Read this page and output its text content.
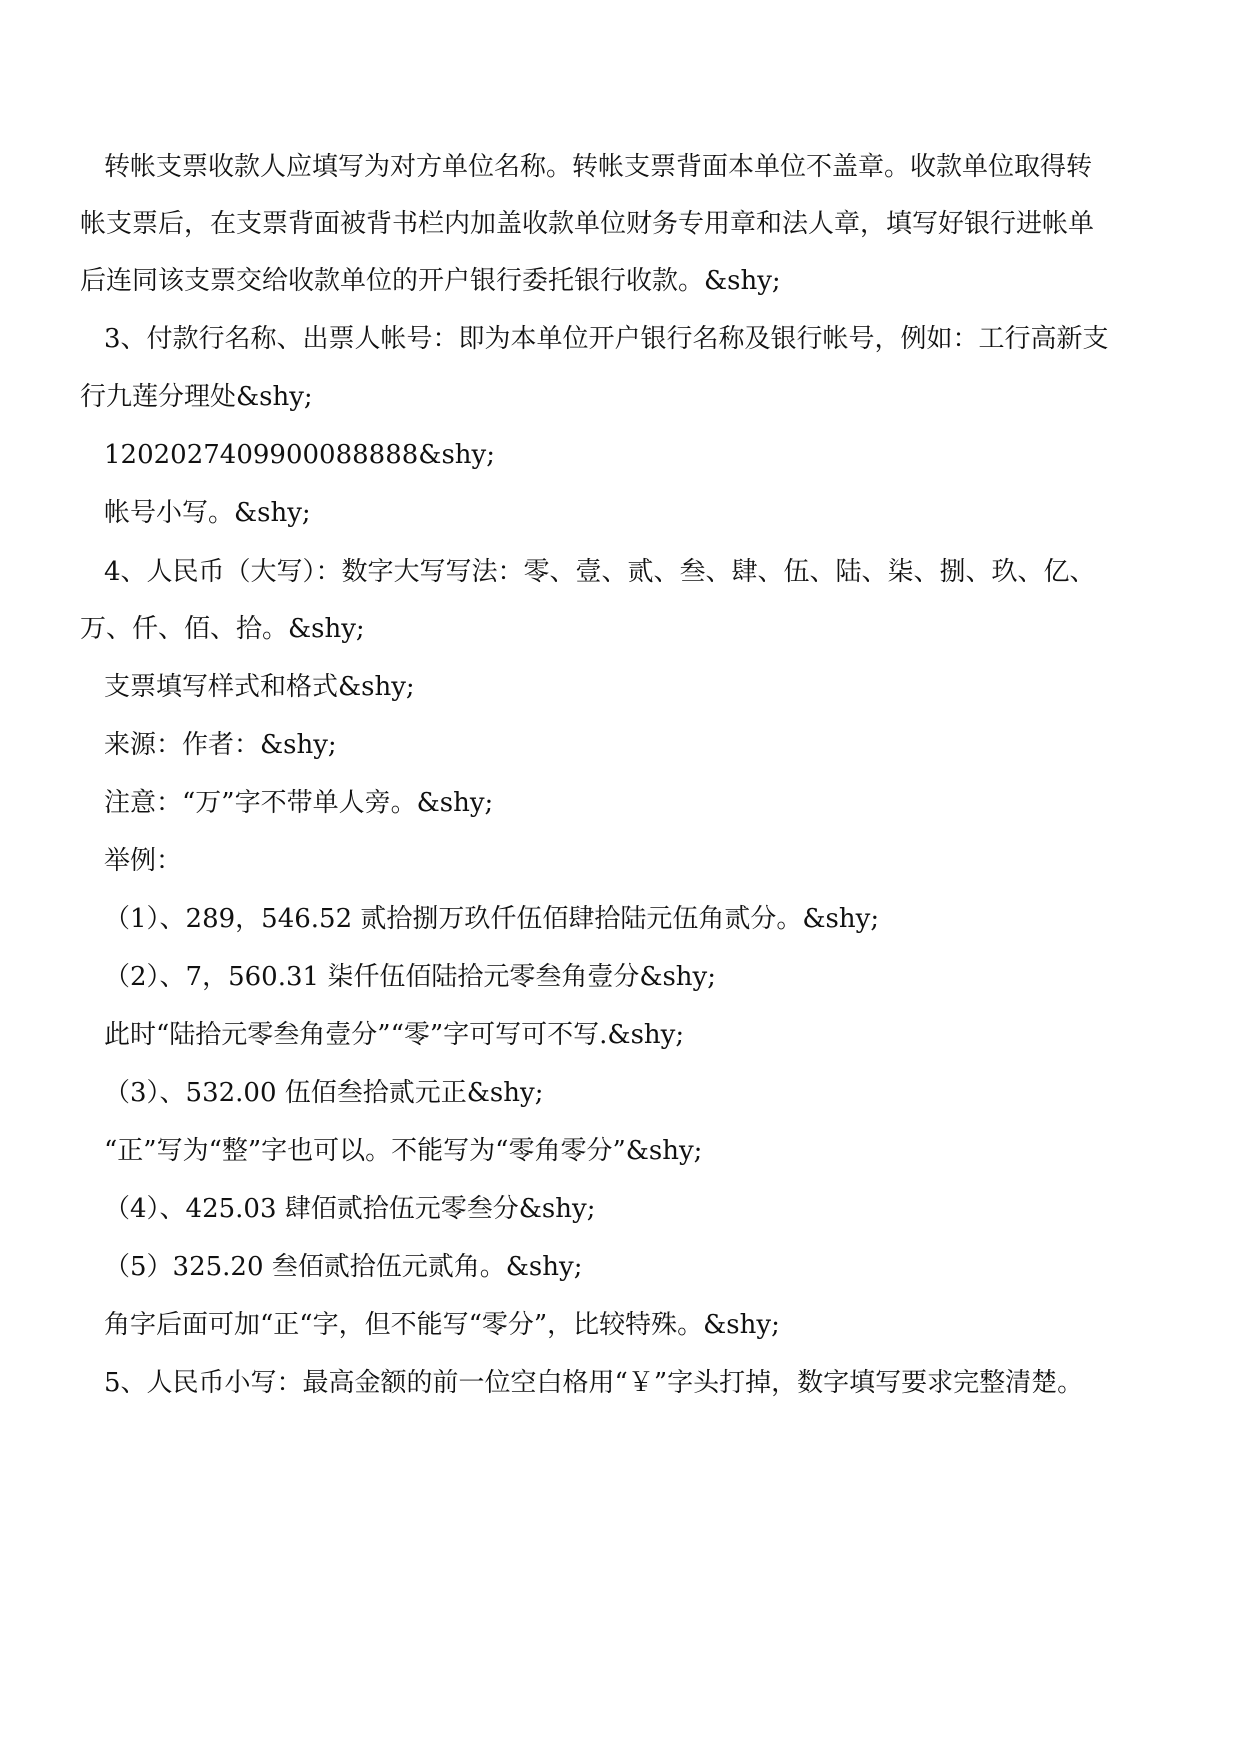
转帐支票收款人应填写为对方单位名称。转帐支票背面本单位不盖章。收款单位取得转
帐支票后，在支票背面被背书栏内加盖收款单位财务专用章和法人章，填写好银行进帐单
后连同该支票交给收款单位的开户银行委托银行收款。&shy;
3、付款行名称、出票人帐号：即为本单位开户银行名称及银行帐号，例如：工行高新支
行九莲分理处&shy;
1202027409900088888&shy;
帐号小写。&shy;
4、人民币（大写）：数字大写写法：零、壹、贰、叁、肆、伍、陆、柒、捌、玖、亿、
万、仟、佰、拾。&shy;
支票填写样式和格式&shy;
来源：作者：&shy;
注意：“万”字不带单人旁。&shy;
举例：
（1）、289，546.52 贰拾捌万玖仟伍佰肆拾陆元伍角贰分。&shy;
（2）、7，560.31 柒仟伍佰陆拾元零叁角壹分&shy;
此时“陆拾元零叁角壹分”“零”字可写可不写.&shy;
（3）、532.00 伍佰叁拾贰元正&shy;
“正”写为“整”字也可以。不能写为“零角零分”&shy;
（4）、425.03 肆佰贰拾伍元零叁分&shy;
（5）325.20 叁佰贰拾伍元贰角。&shy;
角字后面可加“正“字，但不能写“零分”，比较特殊。&shy;
5、人民币小写：最高金额的前一位空白格用“￥”字头打掉，数字填写要求完整清楚。
